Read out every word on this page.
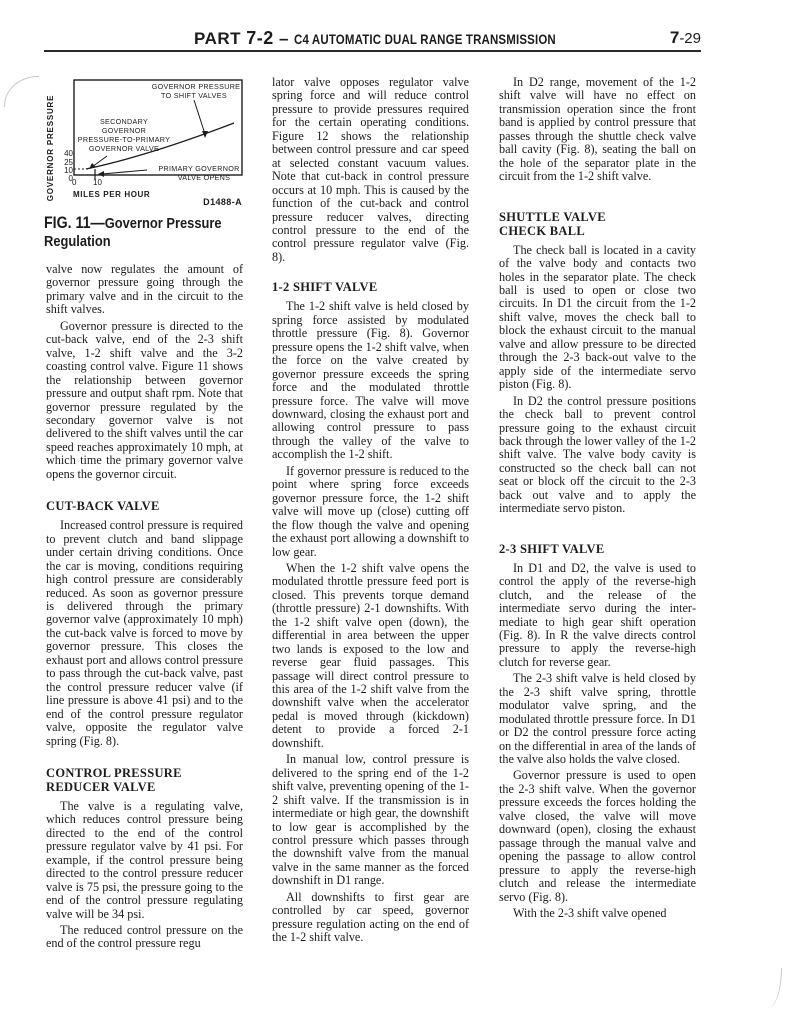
PART 7-2 – C4 AUTOMATIC DUAL RANGE TRANSMISSION	7-29
GOVERNOR PRESSURE 40
25
10
0 0 10
MILES PER HOUR
GOVERNOR PRESSURE
TO SHIFT VALVES
SECONDARY
GOVERNOR
PRESSURE-TO-PRIMARY
GOVERNOR VALVE
PRIMARY GOVERNOR
VALVE OPENS
D1488-A
FIG. 11—Governor Pressure Regulation

valve now regulates the amount of governor pressure going through the primary valve and in the circuit to the shift valves.

Governor pressure is directed to the cut-back valve, end of the 2-3 shift valve, 1-2 shift valve and the 3-2 coasting control valve. Figure 11 shows the relationship between governor pressure and output shaft rpm. Note that governor pressure regulated by the secondary governor valve is not delivered to the shift valves until the car speed reaches approximately 10 mph, at which time the primary governor valve opens the governor circuit.

CUT-BACK VALVE

Increased control pressure is required to prevent clutch and band slippage under certain driving conditions. Once the car is moving, conditions requiring high control pressure are considerably reduced. As soon as governor pressure is delivered through the primary governor valve (approximately 10 mph) the cut-back valve is forced to move by governor pressure. This closes the exhaust port and allows control pressure to pass through the cut-back valve, past the control pressure reducer valve (if line pressure is above 41 psi) and to the end of the control pressure regulator valve, opposite the regulator valve spring (Fig. 8).

CONTROL PRESSURE
REDUCER VALVE

The valve is a regulating valve, which reduces control pressure being directed to the end of the control pressure regulator valve by 41 psi. For example, if the control pressure being directed to the control pressure reducer valve is 75 psi, the pressure going to the end of the control pressure regulating valve will be 34 psi.

The reduced control pressure on the end of the control pressure regu

lator valve opposes regulator valve spring force and will reduce control pressure to provide pressures required for the certain operating conditions. Figure 12 shows the relationship between control pressure and car speed at selected constant vacuum values. Note that cut-back in control pressure occurs at 10 mph. This is caused by the function of the cut-back and control pressure reducer valves, directing control pressure to the end of the control pressure regulator valve (Fig. 8).

1-2 SHIFT VALVE

The 1-2 shift valve is held closed by spring force assisted by modulated throttle pressure (Fig. 8). Governor pressure opens the 1-2 shift valve, when the force on the valve created by governor pressure exceeds the spring force and the modulated throttle pressure force. The valve will move downward, closing the exhaust port and allowing control pressure to pass through the valley of the valve to accomplish the 1-2 shift.

If governor pressure is reduced to the point where spring force exceeds governor pressure force, the 1-2 shift valve will move up (close) cutting off the flow though the valve and opening the exhaust port allowing a downshift to low gear.

When the 1-2 shift valve opens the modulated throttle pressure feed port is closed. This prevents torque demand (throttle pressure) 2-1 downshifts. With the 1-2 shift valve open (down), the differential in area between the upper two lands is exposed to the low and reverse gear fluid passages. This passage will direct control pressure to this area of the 1-2 shift valve from the downshift valve when the accelerator pedal is moved through (kickdown) detent to provide a forced 2-1 downshift.

In manual low, control pressure is delivered to the spring end of the 1-2 shift valve, preventing opening of the 1-2 shift valve. If the transmission is in intermediate or high gear, the downshift to low gear is accomplished by the control pressure which passes through the downshift valve from the manual valve in the same manner as the forced downshift in D1 range.

All downshifts to first gear are controlled by car speed, governor pressure regulation acting on the end of the 1-2 shift valve.

In D2 range, movement of the 1-2 shift valve will have no effect on transmission operation since the front band is applied by control pressure that passes through the shuttle check valve ball cavity (Fig. 8), seating the ball on the hole of the separator plate in the circuit from the 1-2 shift valve.

SHUTTLE VALVE
CHECK BALL

The check ball is located in a cavity of the valve body and contacts two holes in the separator plate. The check ball is used to open or close two circuits. In D1 the circuit from the 1-2 shift valve, moves the check ball to block the exhaust circuit to the manual valve and allow pressure to be directed through the 2-3 back-out valve to the apply side of the intermediate servo piston (Fig. 8).

In D2 the control pressure positions the check ball to prevent control pressure going to the exhaust circuit back through the lower valley of the 1-2 shift valve. The valve body cavity is constructed so the check ball can not seat or block off the circuit to the 2-3 back out valve and to apply the intermediate servo piston.

2-3 SHIFT VALVE

In D1 and D2, the valve is used to control the apply of the reverse-high clutch, and the release of the intermediate servo during the intermediate to high gear shift operation (Fig. 8). In R the valve directs control pressure to apply the reverse-high clutch for reverse gear.

The 2-3 shift valve is held closed by the 2-3 shift valve spring, throttle modulator valve spring, and the modulated throttle pressure force. In D1 or D2 the control pressure force acting on the differential in area of the lands of the valve also holds the valve closed.

Governor pressure is used to open the 2-3 shift valve. When the governor pressure exceeds the forces holding the valve closed, the valve will move downward (open), closing the exhaust passage through the manual valve and opening the passage to allow control pressure to apply the reverse-high clutch and release the intermediate servo (Fig. 8).

With the 2-3 shift valve opened
